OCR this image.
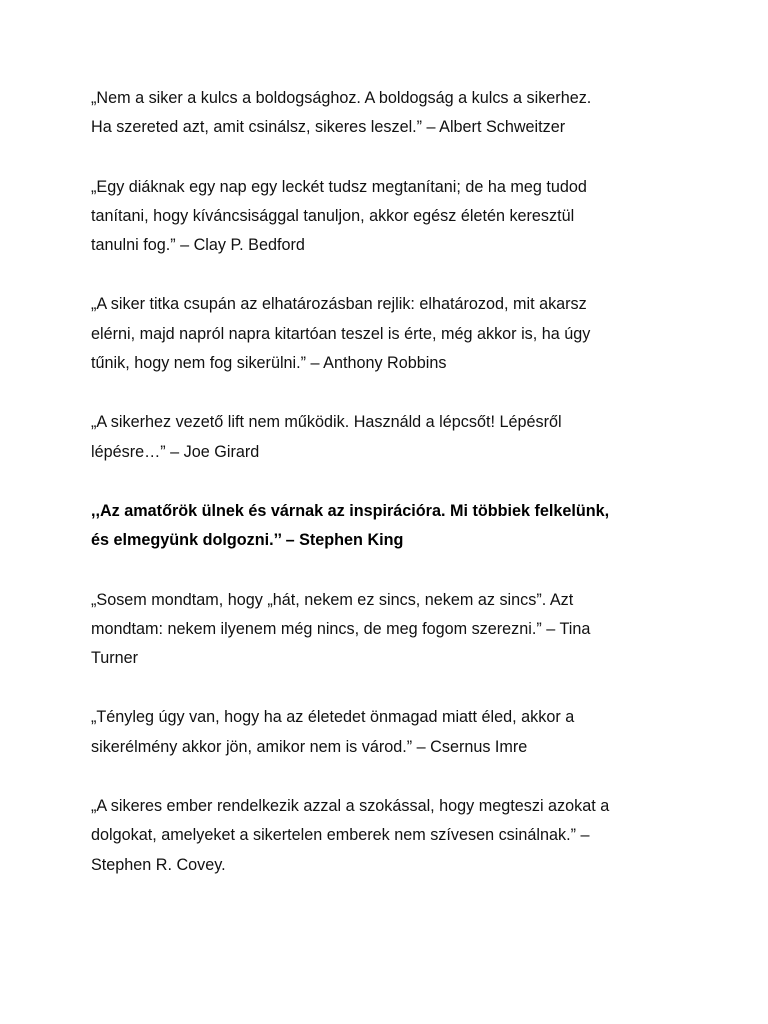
„Nem a siker a kulcs a boldogsághoz. A boldogság a kulcs a sikerhez.
Ha szereted azt, amit csinálsz, sikeres leszel.” – Albert Schweitzer

„Egy diáknak egy nap egy leckét tudsz megtanítani; de ha meg tudod
tanítani, hogy kíváncsisággal tanuljon, akkor egész életén keresztül
tanulni fog.” – Clay P. Bedford

„A siker titka csupán az elhatározásban rejlik: elhatározod, mit akarsz
elérni, majd napról napra kitartóan teszel is érte, még akkor is, ha úgy
tűnik, hogy nem fog sikerülni.” – Anthony Robbins

„A sikerhez vezető lift nem működik. Használd a lépcsőt! Lépésről
lépésre…” – Joe Girard

,,Az amatőrök ülnek és várnak az inspirációra. Mi többiek felkelünk,
és elmegyünk dolgozni.’’ – Stephen King

„Sosem mondtam, hogy „hát, nekem ez sincs, nekem az sincs”. Azt
mondtam: nekem ilyenem még nincs, de meg fogom szerezni.” – Tina
Turner

„Tényleg úgy van, hogy ha az életedet önmagad miatt éled, akkor a
sikerélmény akkor jön, amikor nem is várod.” – Csernus Imre

„A sikeres ember rendelkezik azzal a szokással, hogy megteszi azokat a
dolgokat, amelyeket a sikertelen emberek nem szívesen csinálnak.” –
Stephen R. Covey.
